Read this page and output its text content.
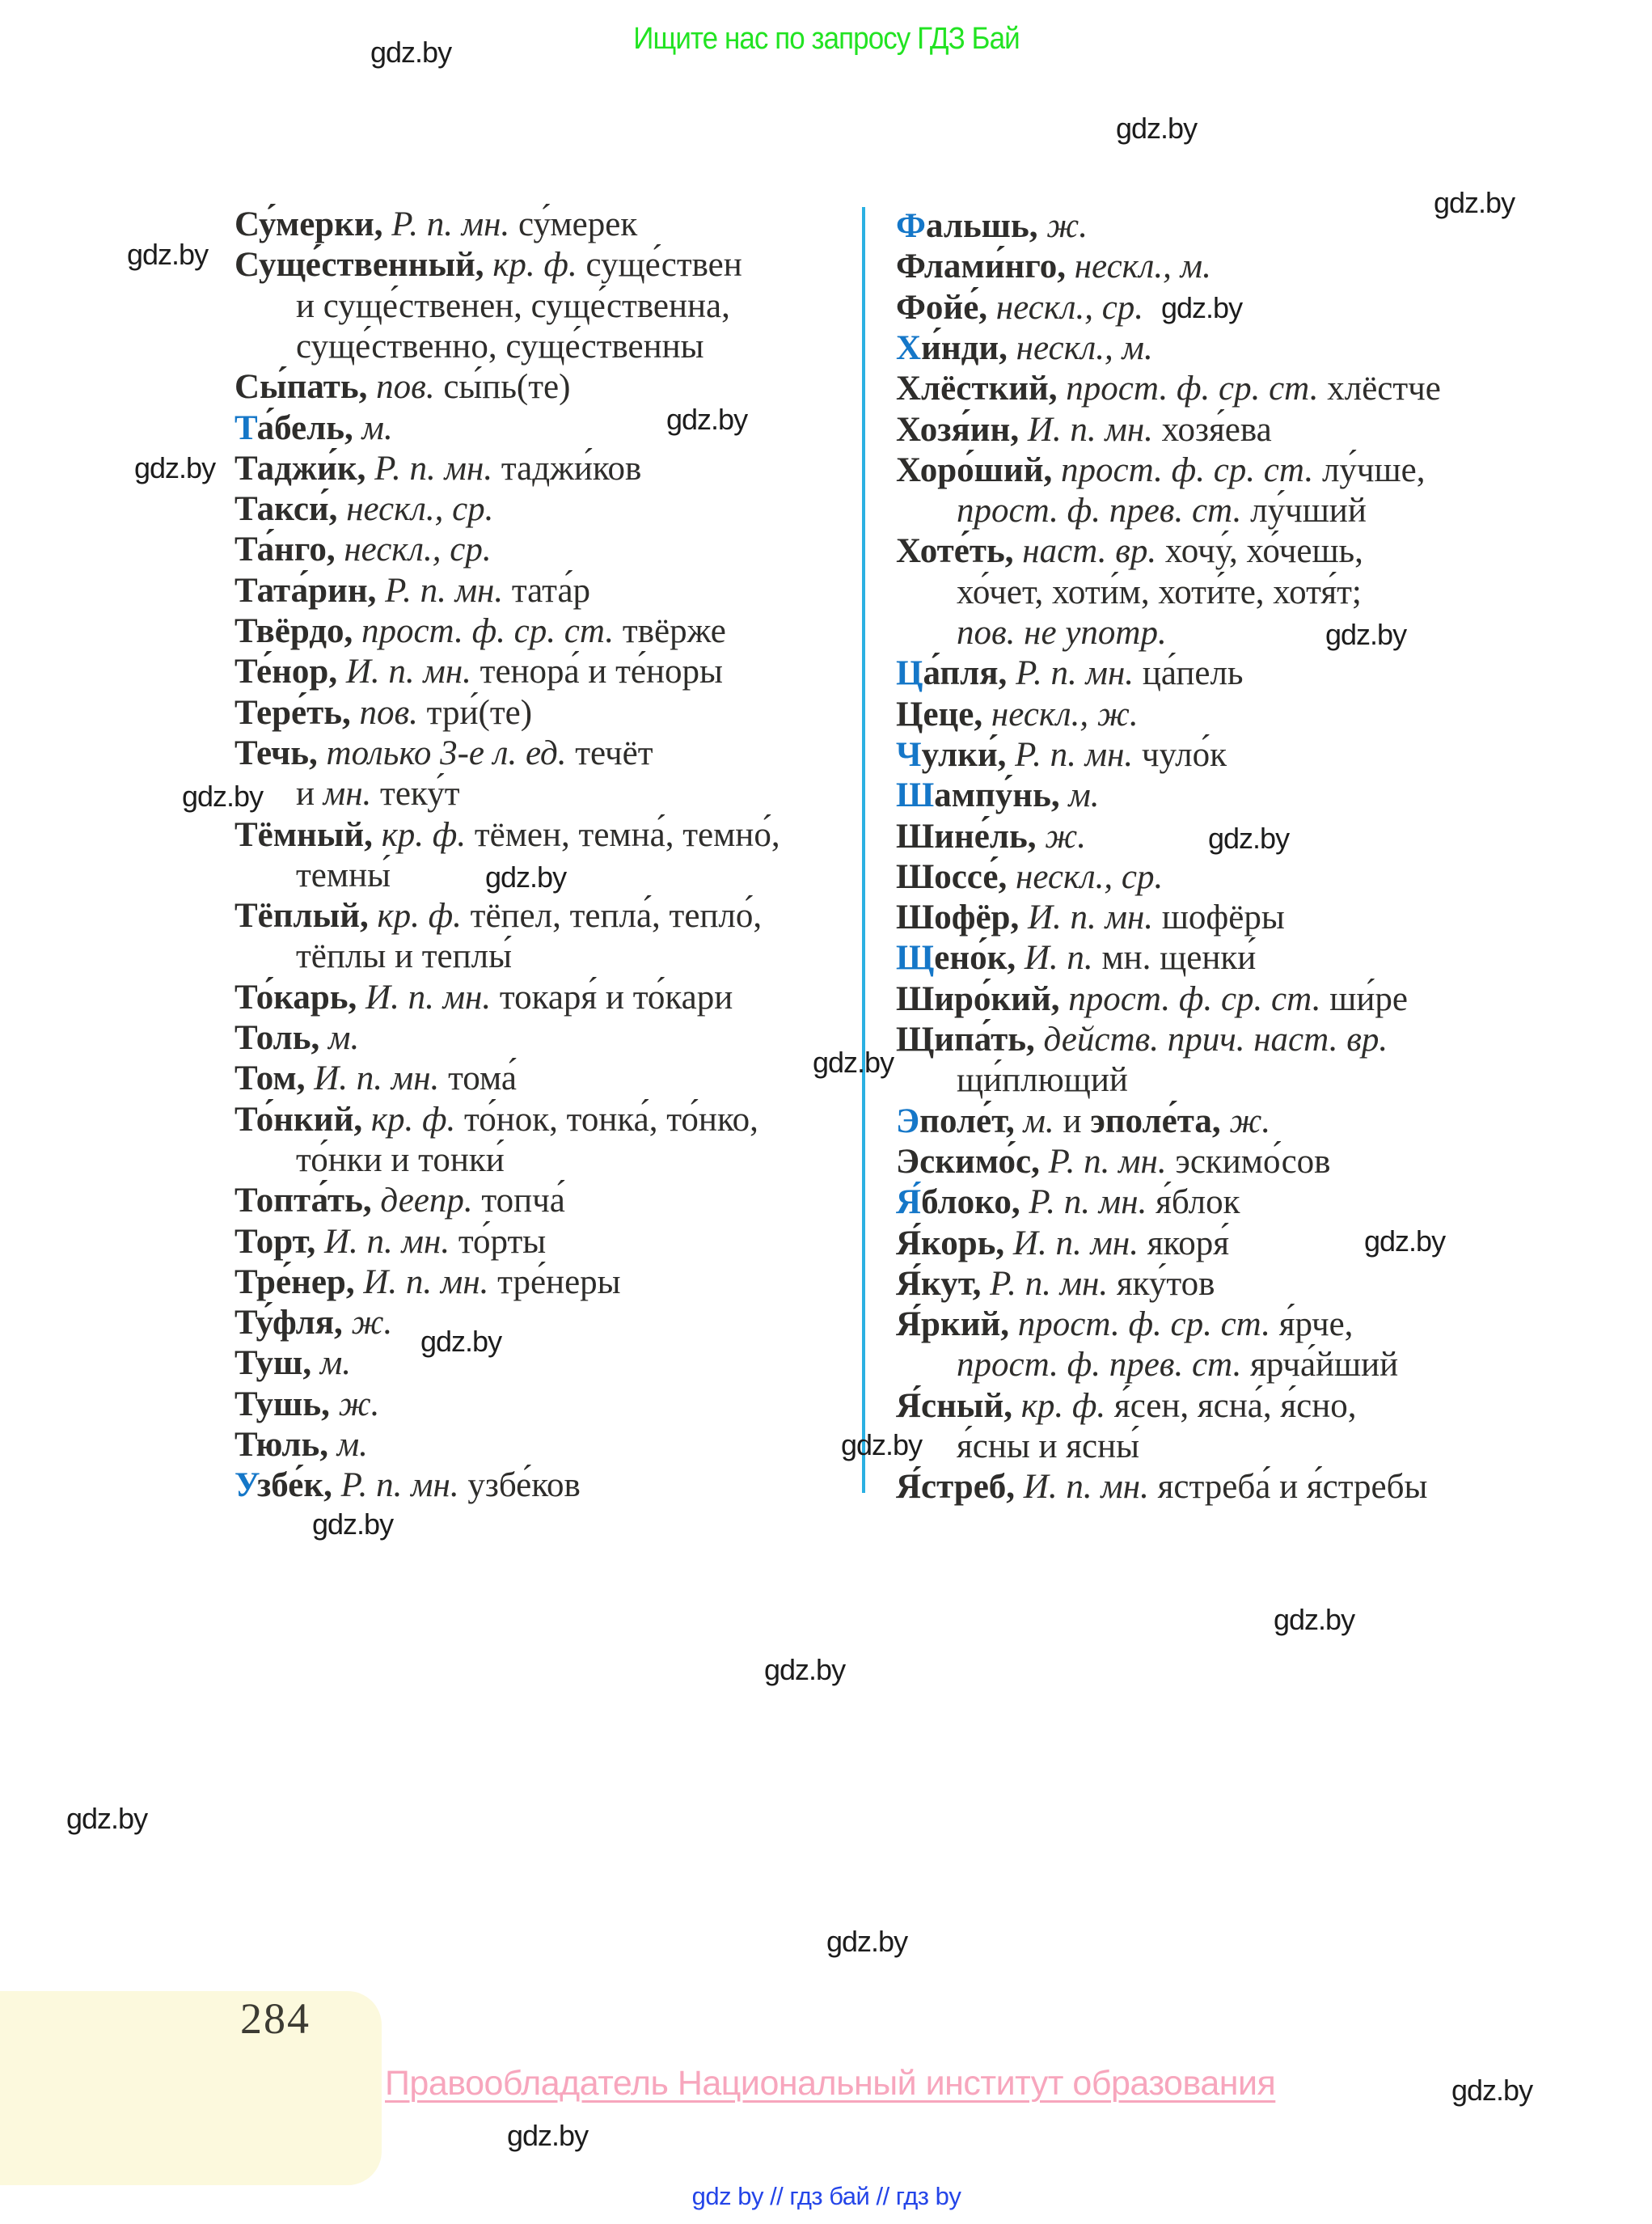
Ищите нас по запросу ГДЗ Бай
Су́мерки, Р. п. мн. су́мерек
Суще́ственный, кр. ф. суще́ствен
и суще́ственен, суще́ственна,
суще́ственно, суще́ственны
Сы́пать, пов. сы́пь(те)
Та́бель, м.
Таджи́к, Р. п. мн. таджи́ков
Такси́, нескл., ср.
Та́нго, нескл., ср.
Тата́рин, Р. п. мн. тата́р
Твёрдо, прост. ф. ср. ст. твёрже
Те́нор, И. п. мн. тенора́ и те́норы
Тере́ть, пов. три́(те)
Течь, только 3-е л. ед. течёт
и мн. теку́т
Тёмный, кр. ф. тёмен, темна́, темно́,
темны́
Тёплый, кр. ф. тёпел, тепла́, тепло́,
тёплы и теплы́
То́карь, И. п. мн. токаря́ и то́кари
Толь, м.
Том, И. п. мн. тома́
То́нкий, кр. ф. то́нок, тонка́, то́нко,
то́нки и тонки́
Топта́ть, деепр. топча́
Торт, И. п. мн. то́рты
Тре́нер, И. п. мн. тре́неры
Ту́фля, ж.
Туш, м.
Тушь, ж.
Тюль, м.
Узбе́к, Р. п. мн. узбе́ков
Фальшь, ж.
Флами́нго, нескл., м.
Фойе́, нескл., ср.
Хи́нди, нескл., м.
Хлёсткий, прост. ф. ср. ст. хлёстче
Хозя́ин, И. п. мн. хозя́ева
Хоро́ший, прост. ф. ср. ст. лу́чше,
прост. ф. прев. ст. лу́чший
Хоте́ть, наст. вр. хочу́, хо́чешь,
хо́чет, хоти́м, хоти́те, хотя́т;
пов. не употр.
Ца́пля, Р. п. мн. ца́пель
Цеце, нескл., ж.
Чулки́, Р. п. мн. чуло́к
Шампу́нь, м.
Шине́ль, ж.
Шоссе́, нескл., ср.
Шофёр, И. п. мн. шофёры
Щено́к, И. п. мн. щенки́
Широ́кий, прост. ф. ср. ст. ши́ре
Щипа́ть, действ. прич. наст. вр.
щи́плющий
Эполе́т, м. и эполе́та, ж.
Эскимо́с, Р. п. мн. эскимо́сов
Я́блоко, Р. п. мн. я́блок
Я́корь, И. п. мн. якоря́
Я́кут, Р. п. мн. яку́тов
Я́ркий, прост. ф. ср. ст. я́рче,
прост. ф. прев. ст. ярча́йший
Я́сный, кр. ф. я́сен, ясна́, я́сно,
я́сны и ясны́
Я́стреб, И. п. мн. ястреба́ и я́стребы
gdz.by
gdz.by
gdz.by
gdz.by
gdz.by
gdz.by
gdz.by
gdz.by
gdz.by
gdz.by
gdz.by
gdz.by
gdz.by
gdz.by
gdz.by
gdz.by
gdz.by
gdz.by
gdz.by
gdz.by
gdz.by
gdz.by
284
Правообладатель Национальный институт образования
gdz by // гдз бай // гдз by
